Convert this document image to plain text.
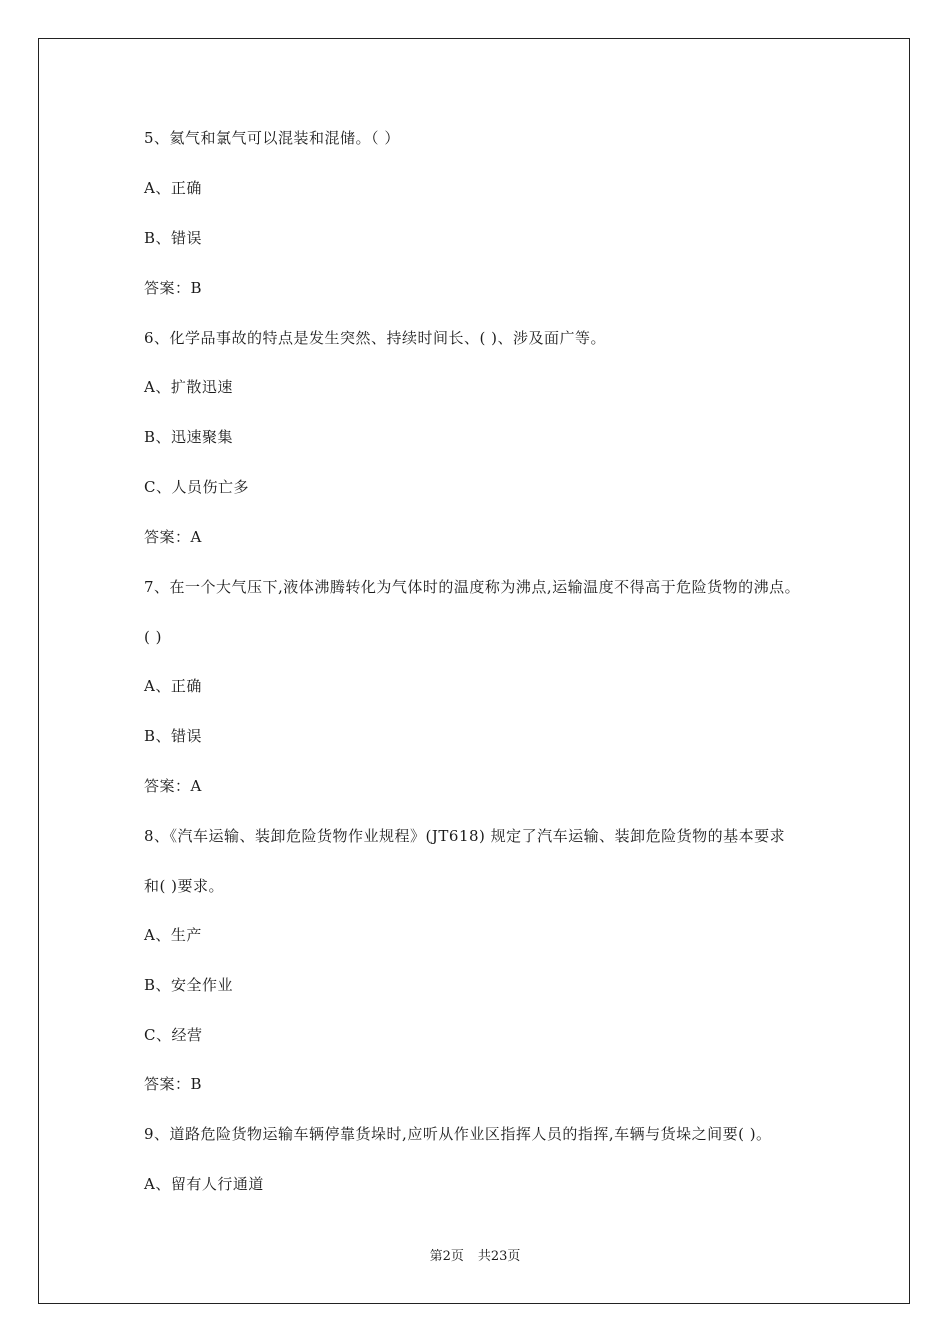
5、氦气和氯气可以混装和混储。（ ）
A、正确
B、错误
答案：B
6、化学品事故的特点是发生突然、持续时间长、( )、涉及面广等。
A、扩散迅速
B、迅速聚集
C、人员伤亡多
答案：A
7、在一个大气压下,液体沸腾转化为气体时的温度称为沸点,运输温度不得高于危险货物的沸点。
( )
A、正确
B、错误
答案：A
8、《汽车运输、装卸危险货物作业规程》(JT618) 规定了汽车运输、装卸危险货物的基本要求
和( )要求。
A、生产
B、安全作业
C、经营
答案：B
9、道路危险货物运输车辆停靠货垛时,应听从作业区指挥人员的指挥,车辆与货垛之间要( )。
A、留有人行通道
第2页 共23页
